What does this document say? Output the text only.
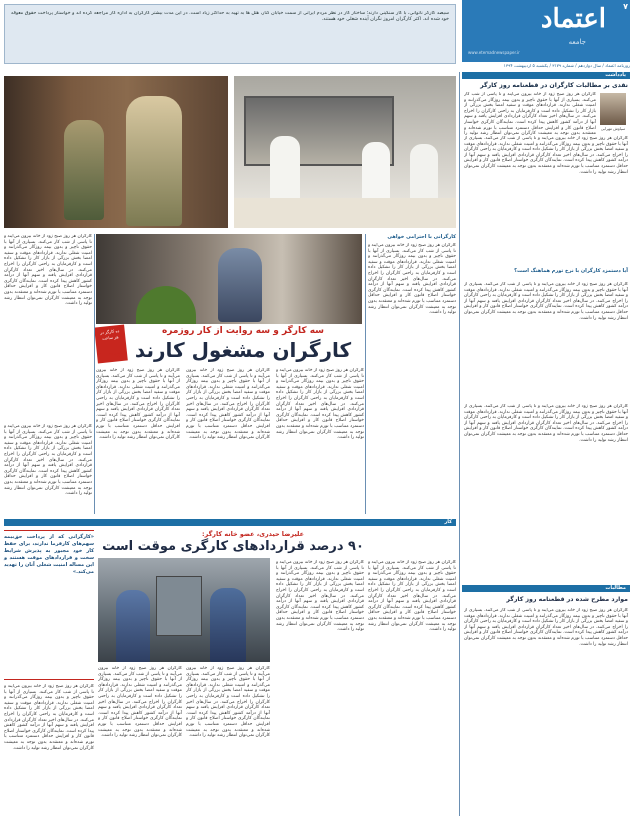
اعتماد
جامعه
www.etemadnewspaper.ir
۷
روزنامه اعتماد / سال دوازدهم / شماره ۳۱۷۹ / یکشنبه ۵ اردیبهشت ۱۳۹۴
یادداشت
نقدی بر مطالبات کارگران در قطعنامه روز کارگر
سیاوش مهرابی
کارگران هر روز صبح زود از خانه بیرون می‌آیند و تا پاسی از شب کار می‌کنند. بسیاری از آنها با حقوق ناچیز و بدون بیمه روزگار می‌گذرانند و امنیت شغلی ندارند. قراردادهای موقت و سفید امضا بخش بزرگی از بازار کار را تشکیل داده است و کارفرمایان به راحتی کارگران را اخراج می‌کنند. در سال‌های اخیر تعداد کارگران قراردادی افزایش یافته و سهم آنها از درآمد کشور کاهش پیدا کرده است. نمایندگان کارگری خواستار اصلاح قانون کار و افزایش حداقل دستمزد متناسب با تورم شده‌اند و معتقدند بدون توجه به معیشت کارگران نمی‌توان انتظار رشد تولید را
کارگران هر روز صبح زود از خانه بیرون می‌آیند و تا پاسی از شب کار می‌کنند. بسیاری از آنها با حقوق ناچیز و بدون بیمه روزگار می‌گذرانند و امنیت شغلی ندارند. قراردادهای موقت و سفید امضا بخش بزرگی از بازار کار را تشکیل داده است و کارفرمایان به راحتی کارگران را اخراج می‌کنند. در سال‌های اخیر تعداد کارگران قراردادی افزایش یافته و سهم آنها از درآمد کشور کاهش پیدا کرده است. نمایندگان کارگری خواستار اصلاح قانون کار و افزایش حداقل دستمزد متناسب با تورم شده‌اند و معتقدند بدون توجه به معیشت کارگران نمی‌توان انتظار رشد تولید را داشت.
آیا دستمزد کارگران با نرخ تورم هماهنگ است؟
کارگران هر روز صبح زود از خانه بیرون می‌آیند و تا پاسی از شب کار می‌کنند. بسیاری از آنها با حقوق ناچیز و بدون بیمه روزگار می‌گذرانند و امنیت شغلی ندارند. قراردادهای موقت و سفید امضا بخش بزرگی از بازار کار را تشکیل داده است و کارفرمایان به راحتی کارگران را اخراج می‌کنند. در سال‌های اخیر تعداد کارگران قراردادی افزایش یافته و سهم آنها از درآمد کشور کاهش پیدا کرده است. نمایندگان کارگری خواستار اصلاح قانون کار و افزایش حداقل دستمزد متناسب با تورم شده‌اند و معتقدند بدون توجه به معیشت کارگران نمی‌توان انتظار رشد تولید را داشت.
کارگران هر روز صبح زود از خانه بیرون می‌آیند و تا پاسی از شب کار می‌کنند. بسیاری از آنها با حقوق ناچیز و بدون بیمه روزگار می‌گذرانند و امنیت شغلی ندارند. قراردادهای موقت و سفید امضا بخش بزرگی از بازار کار را تشکیل داده است و کارفرمایان به راحتی کارگران را اخراج می‌کنند. در سال‌های اخیر تعداد کارگران قراردادی افزایش یافته و سهم آنها از درآمد کشور کاهش پیدا کرده است. نمایندگان کارگری خواستار اصلاح قانون کار و افزایش حداقل دستمزد متناسب با تورم شده‌اند و معتقدند بدون توجه به معیشت کارگران نمی‌توان انتظار رشد تولید را داشت.
مطالبات
موارد مطرح شده در قطعنامه روز کارگر
کارگران هر روز صبح زود از خانه بیرون می‌آیند و تا پاسی از شب کار می‌کنند. بسیاری از آنها با حقوق ناچیز و بدون بیمه روزگار می‌گذرانند و امنیت شغلی ندارند. قراردادهای موقت و سفید امضا بخش بزرگی از بازار کار را تشکیل داده است و کارفرمایان به راحتی کارگران را اخراج می‌کنند. در سال‌های اخیر تعداد کارگران قراردادی افزایش یافته و سهم آنها از درآمد کشور کاهش پیدا کرده است. نمایندگان کارگری خواستار اصلاح قانون کار و افزایش حداقل دستمزد متناسب با تورم شده‌اند و معتقدند بدون توجه به معیشت کارگران نمی‌توان انتظار رشد تولید را داشت.
سیصد کارگر ناتوانی، با کار سنگینی دارند؛ ساختار کار در نظر مردم ایرانی از سمت خیابان کنار، هتل ها به تهیه به حداکثر زیاد است. در این مدت بیشتر کارگران به اداره کار مراجعه کرده اند و خواستار پرداخت حقوق معوقه خود شده اند. اکثر کارگران امروز نگران آینده شغلی خود هستند.
کارگران هر روز صبح زود از خانه بیرون می‌آیند و تا پاسی از شب کار می‌کنند. بسیاری از آنها با حقوق ناچیز و بدون بیمه روزگار می‌گذرانند و امنیت شغلی ندارند. قراردادهای موقت و سفید امضا بخش بزرگی از بازار کار را تشکیل داده است و کارفرمایان به راحتی کارگران را اخراج می‌کنند. در سال‌های اخیر تعداد کارگران قراردادی افزایش یافته و سهم آنها از درآمد کشور کاهش پیدا کرده است. نمایندگان کارگری خواستار اصلاح قانون کار و افزایش حداقل دستمزد متناسب با تورم شده‌اند و معتقدند بدون توجه به معیشت کارگران نمی‌توان انتظار رشد تولید را داشت.
کارگرانی با احترامی خواهی
کارگران هر روز صبح زود از خانه بیرون می‌آیند و تا پاسی از شب کار می‌کنند. بسیاری از آنها با حقوق ناچیز و بدون بیمه روزگار می‌گذرانند و امنیت شغلی ندارند. قراردادهای موقت و سفید امضا بخش بزرگی از بازار کار را تشکیل داده است و کارفرمایان به راحتی کارگران را اخراج می‌کنند. در سال‌های اخیر تعداد کارگران قراردادی افزایش یافته و سهم آنها از درآمد کشور کاهش پیدا کرده است. نمایندگان کارگری خواستار اصلاح قانون کار و افزایش حداقل دستمزد متناسب با تورم شده‌اند و معتقدند بدون توجه به معیشت کارگران نمی‌توان انتظار رشد تولید را داشت.
سه کارگر و سه روایت از کار روزمره
کارگران مشغول کارند
ده کارگر در
هر ساعت
۳۰۰۴۷۵۳
کارگران هر روز صبح زود از خانه بیرون می‌آیند و تا پاسی از شب کار می‌کنند. بسیاری از آنها با حقوق ناچیز و بدون بیمه روزگار می‌گذرانند و امنیت شغلی ندارند. قراردادهای موقت و سفید امضا بخش بزرگی از بازار کار را تشکیل داده است و کارفرمایان به راحتی کارگران را اخراج می‌کنند. در سال‌های اخیر تعداد کارگران قراردادی افزایش یافته و سهم آنها از درآمد کشور کاهش پیدا کرده است. نمایندگان کارگری خواستار اصلاح قانون کار و افزایش حداقل دستمزد متناسب با تورم شده‌اند و معتقدند بدون توجه به معیشت کارگران نمی‌توان انتظار رشد تولید را داشت.
کارگران هر روز صبح زود از خانه بیرون می‌آیند و تا پاسی از شب کار می‌کنند. بسیاری از آنها با حقوق ناچیز و بدون بیمه روزگار می‌گذرانند و امنیت شغلی ندارند. قراردادهای موقت و سفید امضا بخش بزرگی از بازار کار را تشکیل داده است و کارفرمایان به راحتی کارگران را اخراج می‌کنند. در سال‌های اخیر تعداد کارگران قراردادی افزایش یافته و سهم آنها از درآمد کشور کاهش پیدا کرده است. نمایندگان کارگری خواستار اصلاح قانون کار و افزایش حداقل دستمزد متناسب با تورم شده‌اند و معتقدند بدون توجه به معیشت کارگران نمی‌توان انتظار رشد تولید را داشت.
کارگران هر روز صبح زود از خانه بیرون می‌آیند و تا پاسی از شب کار می‌کنند. بسیاری از آنها با حقوق ناچیز و بدون بیمه روزگار می‌گذرانند و امنیت شغلی ندارند. قراردادهای موقت و سفید امضا بخش بزرگی از بازار کار را تشکیل داده است و کارفرمایان به راحتی کارگران را اخراج می‌کنند. در سال‌های اخیر تعداد کارگران قراردادی افزایش یافته و سهم آنها از درآمد کشور کاهش پیدا کرده است. نمایندگان کارگری خواستار اصلاح قانون کار و افزایش حداقل دستمزد متناسب با تورم شده‌اند و معتقدند بدون توجه به معیشت کارگران نمی‌توان انتظار رشد تولید را داشت.
کارگران هر روز صبح زود از خانه بیرون می‌آیند و تا پاسی از شب کار می‌کنند. بسیاری از آنها با حقوق ناچیز و بدون بیمه روزگار می‌گذرانند و امنیت شغلی ندارند. قراردادهای موقت و سفید امضا بخش بزرگی از بازار کار را تشکیل داده است و کارفرمایان به راحتی کارگران را اخراج می‌کنند. در سال‌های اخیر تعداد کارگران قراردادی افزایش یافته و سهم آنها از درآمد کشور کاهش پیدا کرده است. نمایندگان کارگری خواستار اصلاح قانون کار و افزایش حداقل دستمزد متناسب با تورم شده‌اند و معتقدند بدون توجه به معیشت کارگران نمی‌توان انتظار رشد تولید را داشت.
کار
علیرضا حیدری، عضو خانه کارگر:
۹۰ درصد قراردادهای کارگری موقت است
«کارگرانی که از پرداخت حق‌بیمه سهم‌های کارفرما ندارند، برای حفظ کار خود مجبور به پذیرش شرایط سخت و قراردادهای موقت هستند و این مساله امنیت شغلی آنان را تهدید می‌کند.»
کارگران هر روز صبح زود از خانه بیرون می‌آیند و تا پاسی از شب کار می‌کنند. بسیاری از آنها با حقوق ناچیز و بدون بیمه روزگار می‌گذرانند و امنیت شغلی ندارند. قراردادهای موقت و سفید امضا بخش بزرگی از بازار کار را تشکیل داده است و کارفرمایان به راحتی کارگران را اخراج می‌کنند. در سال‌های اخیر تعداد کارگران قراردادی افزایش یافته و سهم آنها از درآمد کشور کاهش پیدا کرده است. نمایندگان کارگری خواستار اصلاح قانون کار و افزایش حداقل دستمزد متناسب با تورم شده‌اند و معتقدند بدون توجه به معیشت کارگران نمی‌توان انتظار رشد تولید را داشت.
کارگران هر روز صبح زود از خانه بیرون می‌آیند و تا پاسی از شب کار می‌کنند. بسیاری از آنها با حقوق ناچیز و بدون بیمه روزگار می‌گذرانند و امنیت شغلی ندارند. قراردادهای موقت و سفید امضا بخش بزرگی از بازار کار را تشکیل داده است و کارفرمایان به راحتی کارگران را اخراج می‌کنند. در سال‌های اخیر تعداد کارگران قراردادی افزایش یافته و سهم آنها از درآمد کشور کاهش پیدا کرده است. نمایندگان کارگری خواستار اصلاح قانون کار و افزایش حداقل دستمزد متناسب با تورم شده‌اند و معتقدند بدون توجه به معیشت کارگران نمی‌توان انتظار رشد تولید را داشت.
کارگران هر روز صبح زود از خانه بیرون می‌آیند و تا پاسی از شب کار می‌کنند. بسیاری از آنها با حقوق ناچیز و بدون بیمه روزگار می‌گذرانند و امنیت شغلی ندارند. قراردادهای موقت و سفید امضا بخش بزرگی از بازار کار را تشکیل داده است و کارفرمایان به راحتی کارگران را اخراج می‌کنند. در سال‌های اخیر تعداد کارگران قراردادی افزایش یافته و سهم آنها از درآمد کشور کاهش پیدا کرده است. نمایندگان کارگری خواستار اصلاح قانون کار و افزایش حداقل دستمزد متناسب با تورم شده‌اند و معتقدند بدون توجه به معیشت کارگران نمی‌توان انتظار رشد تولید را داشت.
کارگران هر روز صبح زود از خانه بیرون می‌آیند و تا پاسی از شب کار می‌کنند. بسیاری از آنها با حقوق ناچیز و بدون بیمه روزگار می‌گذرانند و امنیت شغلی ندارند. قراردادهای موقت و سفید امضا بخش بزرگی از بازار کار را تشکیل داده است و کارفرمایان به راحتی کارگران را اخراج می‌کنند. در سال‌های اخیر تعداد کارگران قراردادی افزایش یافته و سهم آنها از درآمد کشور کاهش پیدا کرده است. نمایندگان کارگری خواستار اصلاح قانون کار و افزایش حداقل دستمزد متناسب با تورم شده‌اند و معتقدند بدون توجه به معیشت کارگران نمی‌توان انتظار رشد تولید را داشت.
کارگران هر روز صبح زود از خانه بیرون می‌آیند و تا پاسی از شب کار می‌کنند. بسیاری از آنها با حقوق ناچیز و بدون بیمه روزگار می‌گذرانند و امنیت شغلی ندارند. قراردادهای موقت و سفید امضا بخش بزرگی از بازار کار را تشکیل داده است و کارفرمایان به راحتی کارگران را اخراج می‌کنند. در سال‌های اخیر تعداد کارگران قراردادی افزایش یافته و سهم آنها از درآمد کشور کاهش پیدا کرده است. نمایندگان کارگری خواستار اصلاح قانون کار و افزایش حداقل دستمزد متناسب با تورم شده‌اند و معتقدند بدون توجه به معیشت کارگران نمی‌توان انتظار رشد تولید را داشت.
